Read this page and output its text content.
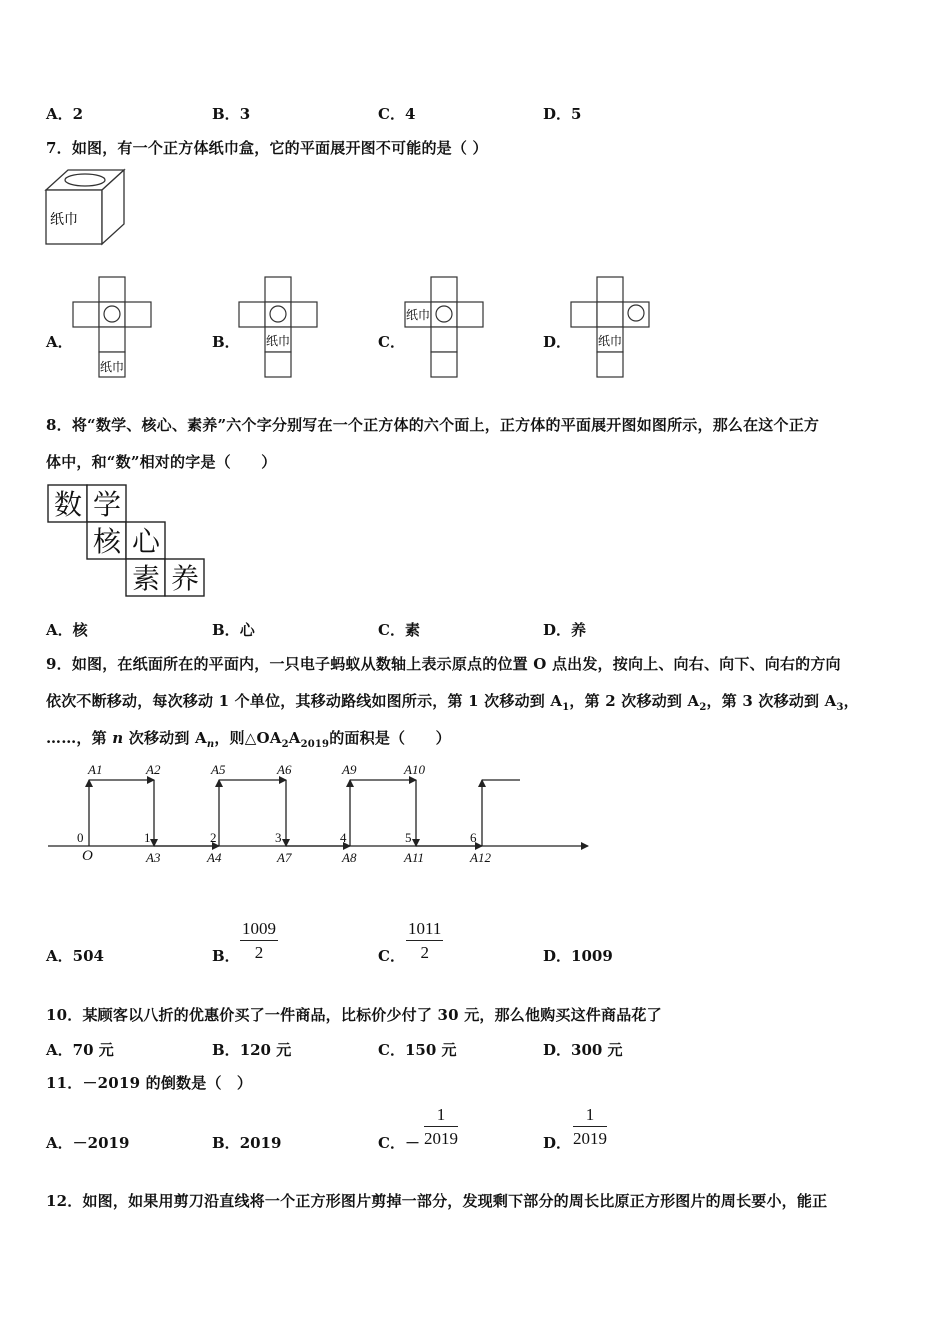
A．2	B．3	C．4	D．5
7．如图，有一个正方体纸巾盒，它的平面展开图不可能的是（ ）
纸巾
A．	B．	C．	D．
纸巾
纸巾
纸巾
纸巾
8．将“数学、核心、素养”六个字分别写在一个正方体的六个面上，正方体的平面展开图如图所示，那么在这个正方
体中，和“数”相对的字是（　　）
数 学
核 心
素 养
A．核	B．心	C．素	D．养
9．如图，在纸面所在的平面内，一只电子蚂蚁从数轴上表示原点的位置 O 点出发，按向上、向右、向下、向右的方向
依次不断移动，每次移动 1 个单位，其移动路线如图所示，第 1 次移动到 $A_1$，第 2 次移动到 $A_2$，第 3 次移动到 $A_3$，
……，第 n 次移动到 $A_n$，则$\triangle OA_2A_{2019}$的面积是（　　）
0	1	2	3	4	5	6
O
A1	A2	A5	A6	A9	A10
A3	A4	A7	A8	A11	A12
A．504	B． $\frac{1009}{2}$	C． $\frac{1011}{2}$	D．1009
10．某顾客以八折的优惠价买了一件商品，比标价少付了 30 元，那么他购买这件商品花了
A．70 元	B．120 元	C．150 元	D．300 元
11．－2019 的倒数是（　）
A．－2019	B．2019	C．－ $\frac{1}{2019}$	D． $\frac{1}{2019}$
12．如图，如果用剪刀沿直线将一个正方形图片剪掉一部分，发现剩下部分的周长比原正方形图片的周长要小，能正
